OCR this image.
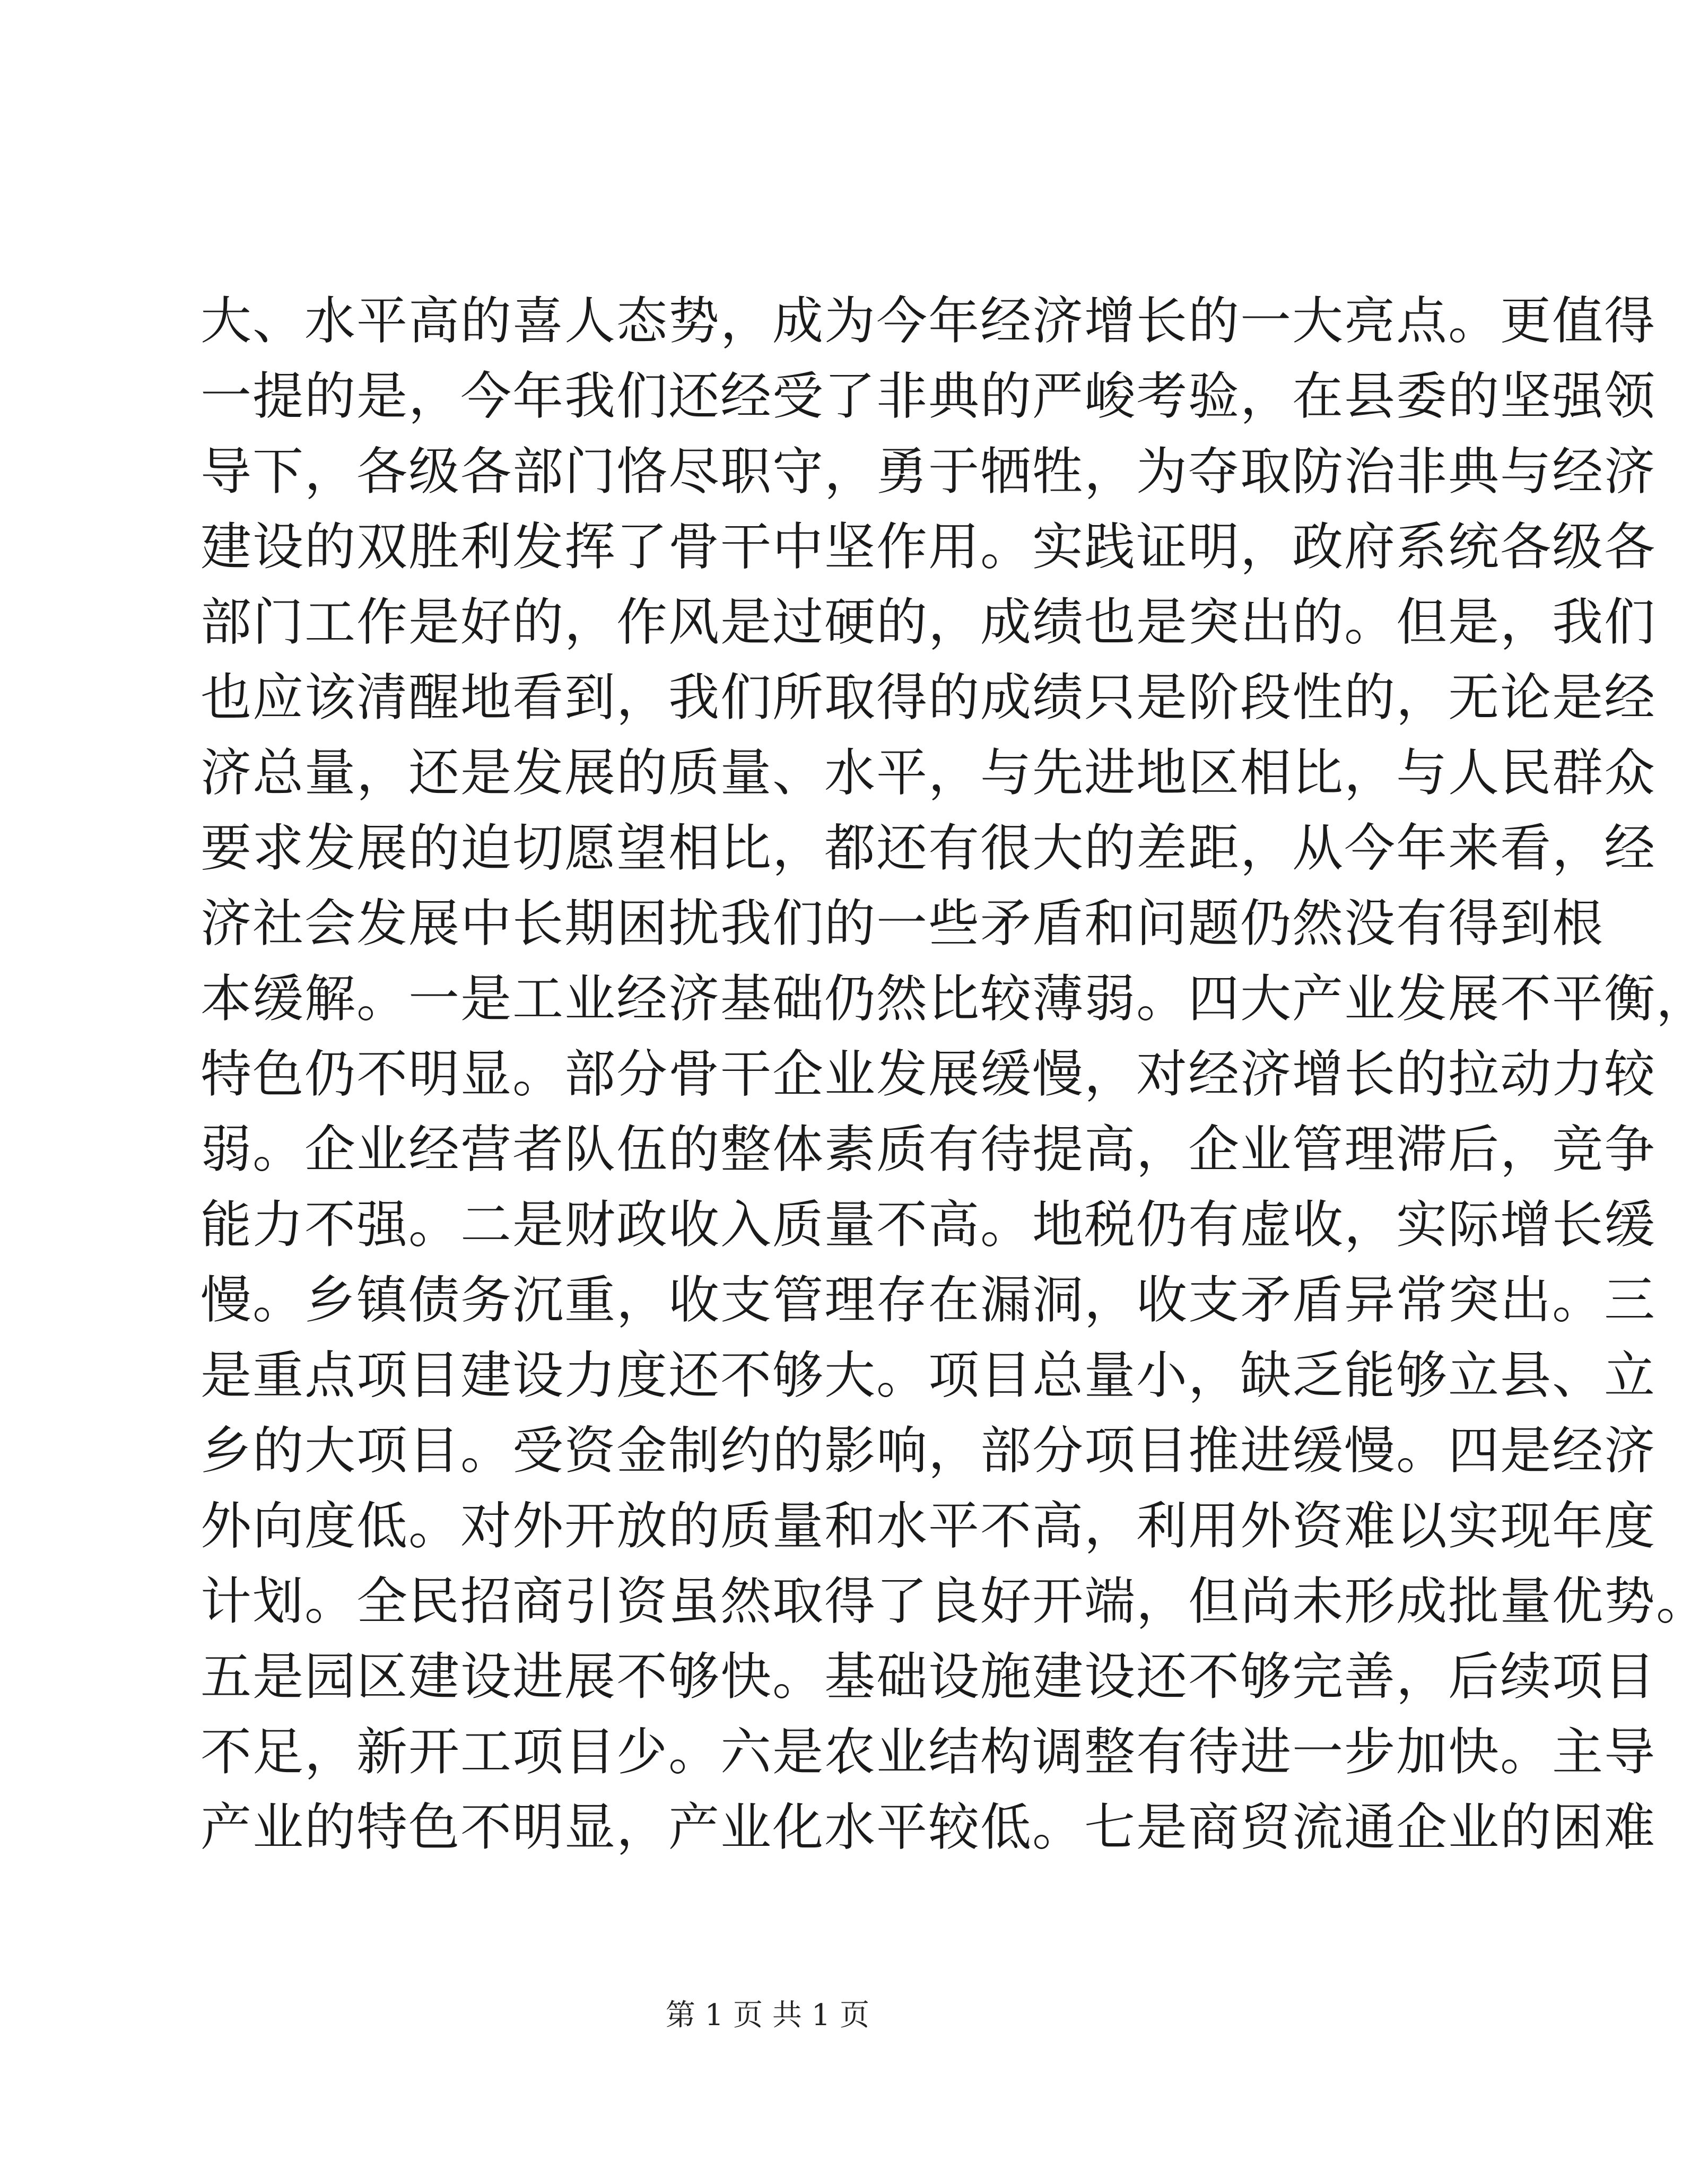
大、水平高的喜人态势，成为今年经济增长的一大亮点。更值得
一提的是，今年我们还经受了非典的严峻考验，在县委的坚强领
导下，各级各部门恪尽职守，勇于牺牲，为夺取防治非典与经济
建设的双胜利发挥了骨干中坚作用。实践证明，政府系统各级各
部门工作是好的，作风是过硬的，成绩也是突出的。但是，我们
也应该清醒地看到，我们所取得的成绩只是阶段性的，无论是经
济总量，还是发展的质量、水平，与先进地区相比，与人民群众
要求发展的迫切愿望相比，都还有很大的差距，从今年来看，经
济社会发展中长期困扰我们的一些矛盾和问题仍然没有得到根
本缓解。一是工业经济基础仍然比较薄弱。四大产业发展不平衡，
特色仍不明显。部分骨干企业发展缓慢，对经济增长的拉动力较
弱。企业经营者队伍的整体素质有待提高，企业管理滞后，竞争
能力不强。二是财政收入质量不高。地税仍有虚收，实际增长缓
慢。乡镇债务沉重，收支管理存在漏洞，收支矛盾异常突出。三
是重点项目建设力度还不够大。项目总量小，缺乏能够立县、立
乡的大项目。受资金制约的影响，部分项目推进缓慢。四是经济
外向度低。对外开放的质量和水平不高，利用外资难以实现年度
计划。全民招商引资虽然取得了良好开端，但尚未形成批量优势。
五是园区建设进展不够快。基础设施建设还不够完善，后续项目
不足，新开工项目少。六是农业结构调整有待进一步加快。主导
产业的特色不明显，产业化水平较低。七是商贸流通企业的困难
第 1 页 共 1 页
